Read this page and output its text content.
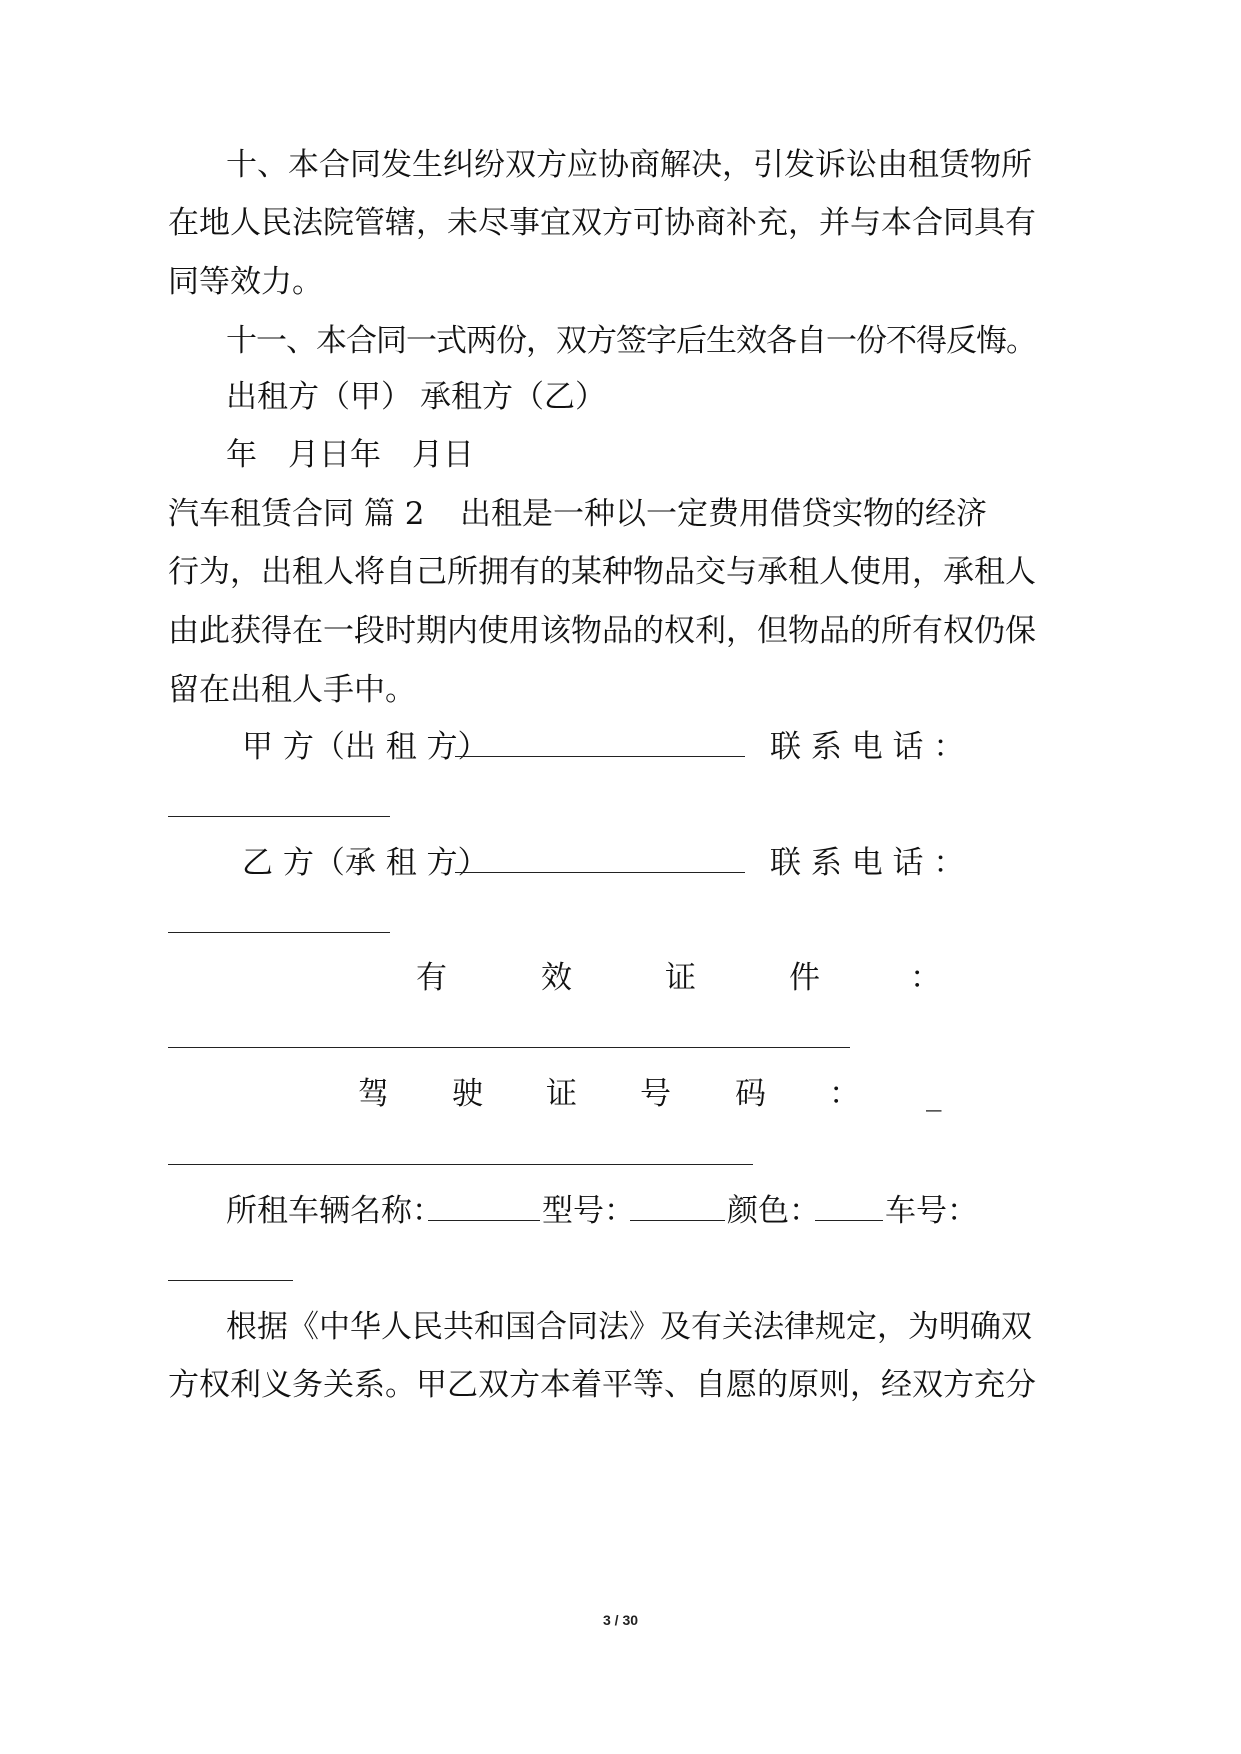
十、本合同发生纠纷双方应协商解决，引发诉讼由租赁物所
在地人民法院管辖，未尽事宜双方可协商补充，并与本合同具有
同等效力。
十一、本合同一式两份，双方签字后生效各自一份不得反悔。
出租方（甲） 承租方（乙）
年　月日年　月日
汽车租赁合同 篇 2 出租是一种以一定费用借贷实物的经济
行为，出租人将自己所拥有的某种物品交与承租人使用，承租人
由此获得在一段时期内使用该物品的权利，但物品的所有权仍保
留在出租人手中。
甲 方（出 租 方）	联 系 电 话 ：
乙 方（承 租 方）	联 系 电 话 ：
有	效	证	件	：
驾 驶 证 号 码 ： _
所租车辆名称：	型号：	颜色： 车号：
根据《中华人民共和国合同法》及有关法律规定，为明确双
方权利义务关系。甲乙双方本着平等、自愿的原则，经双方充分
3 / 30
